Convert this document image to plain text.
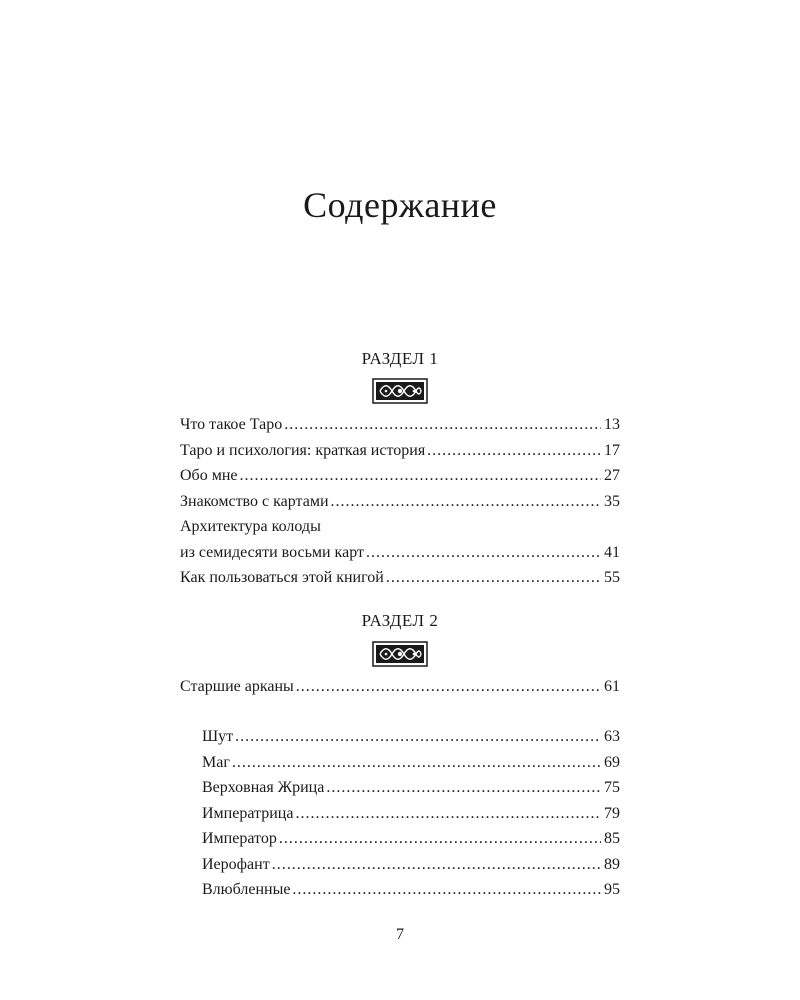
Содержание
РАЗДЕЛ 1
Что такое Таро .....	13
Таро и психология: краткая история .....	17
Обо мне .....	27
Знакомство с картами .....	35
Архитектура колоды
из семидесяти восьми карт .....	41
Как пользоваться этой книгой .....	55
РАЗДЕЛ 2
Старшие арканы .....	61
Шут .....	63
Маг .....	69
Верховная Жрица .....	75
Императрица .....	79
Император .....	85
Иерофант .....	89
Влюбленные .....	95
7
